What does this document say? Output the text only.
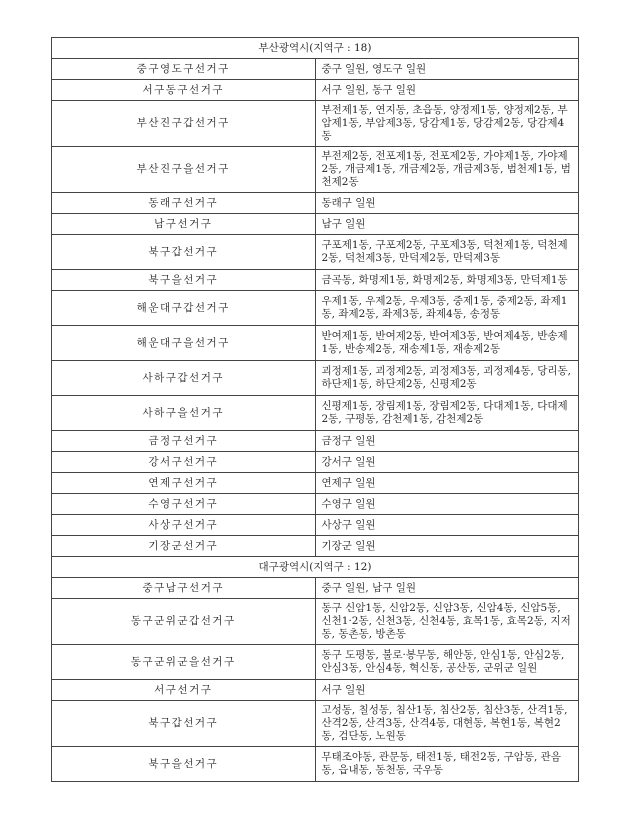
부산광역시(지역구 : 18)	
중구영도구선거구	중구 일원, 영도구 일원
서구동구선거구	서구 일원, 동구 일원
부산진구갑선거구	부전제1동, 연지동, 초읍동, 양정제1동, 양정제2동, 부암제1동, 부암제3동, 당감제1동, 당감제2동, 당감제4동
부산진구을선거구	부전제2동, 전포제1동, 전포제2동, 가야제1동, 가야제2동, 개금제1동, 개금제2동, 개금제3동, 범천제1동, 범천제2동
동래구선거구	동래구 일원
남구선거구	남구 일원
북구갑선거구	구포제1동, 구포제2동, 구포제3동, 덕천제1동, 덕천제2동, 덕천제3동, 만덕제2동, 만덕제3동
북구을선거구	금곡동, 화명제1동, 화명제2동, 화명제3동, 만덕제1동
해운대구갑선거구	우제1동, 우제2동, 우제3동, 중제1동, 중제2동, 좌제1동, 좌제2동, 좌제3동, 좌제4동, 송정동
해운대구을선거구	반여제1동, 반여제2동, 반여제3동, 반여제4동, 반송제1동, 반송제2동, 재송제1동, 재송제2동
사하구갑선거구	괴정제1동, 괴정제2동, 괴정제3동, 괴정제4동, 당리동, 하단제1동, 하단제2동, 신평제2동
사하구을선거구	신평제1동, 장림제1동, 장림제2동, 다대제1동, 다대제2동, 구평동, 감천제1동, 감천제2동
금정구선거구	금정구 일원
강서구선거구	강서구 일원
연제구선거구	연제구 일원
수영구선거구	수영구 일원
사상구선거구	사상구 일원
기장군선거구	기장군 일원
대구광역시(지역구 : 12)	
중구남구선거구	중구 일원, 남구 일원
동구군위군갑선거구	동구 신암1동, 신암2동, 신암3동, 신암4동, 신암5동, 신천1·2동, 신천3동, 신천4동, 효목1동, 효목2동, 지저동, 동촌동, 방촌동
동구군위군을선거구	동구 도평동, 불로·봉무동, 해안동, 안심1동, 안심2동, 안심3동, 안심4동, 혁신동, 공산동, 군위군 일원
서구선거구	서구 일원
북구갑선거구	고성동, 칠성동, 침산1동, 침산2동, 침산3동, 산격1동, 산격2동, 산격3동, 산격4동, 대현동, 복현1동, 복현2동, 검단동, 노원동
북구을선거구	무태조야동, 관문동, 태전1동, 태전2동, 구암동, 관음동, 읍내동, 동천동, 국우동
